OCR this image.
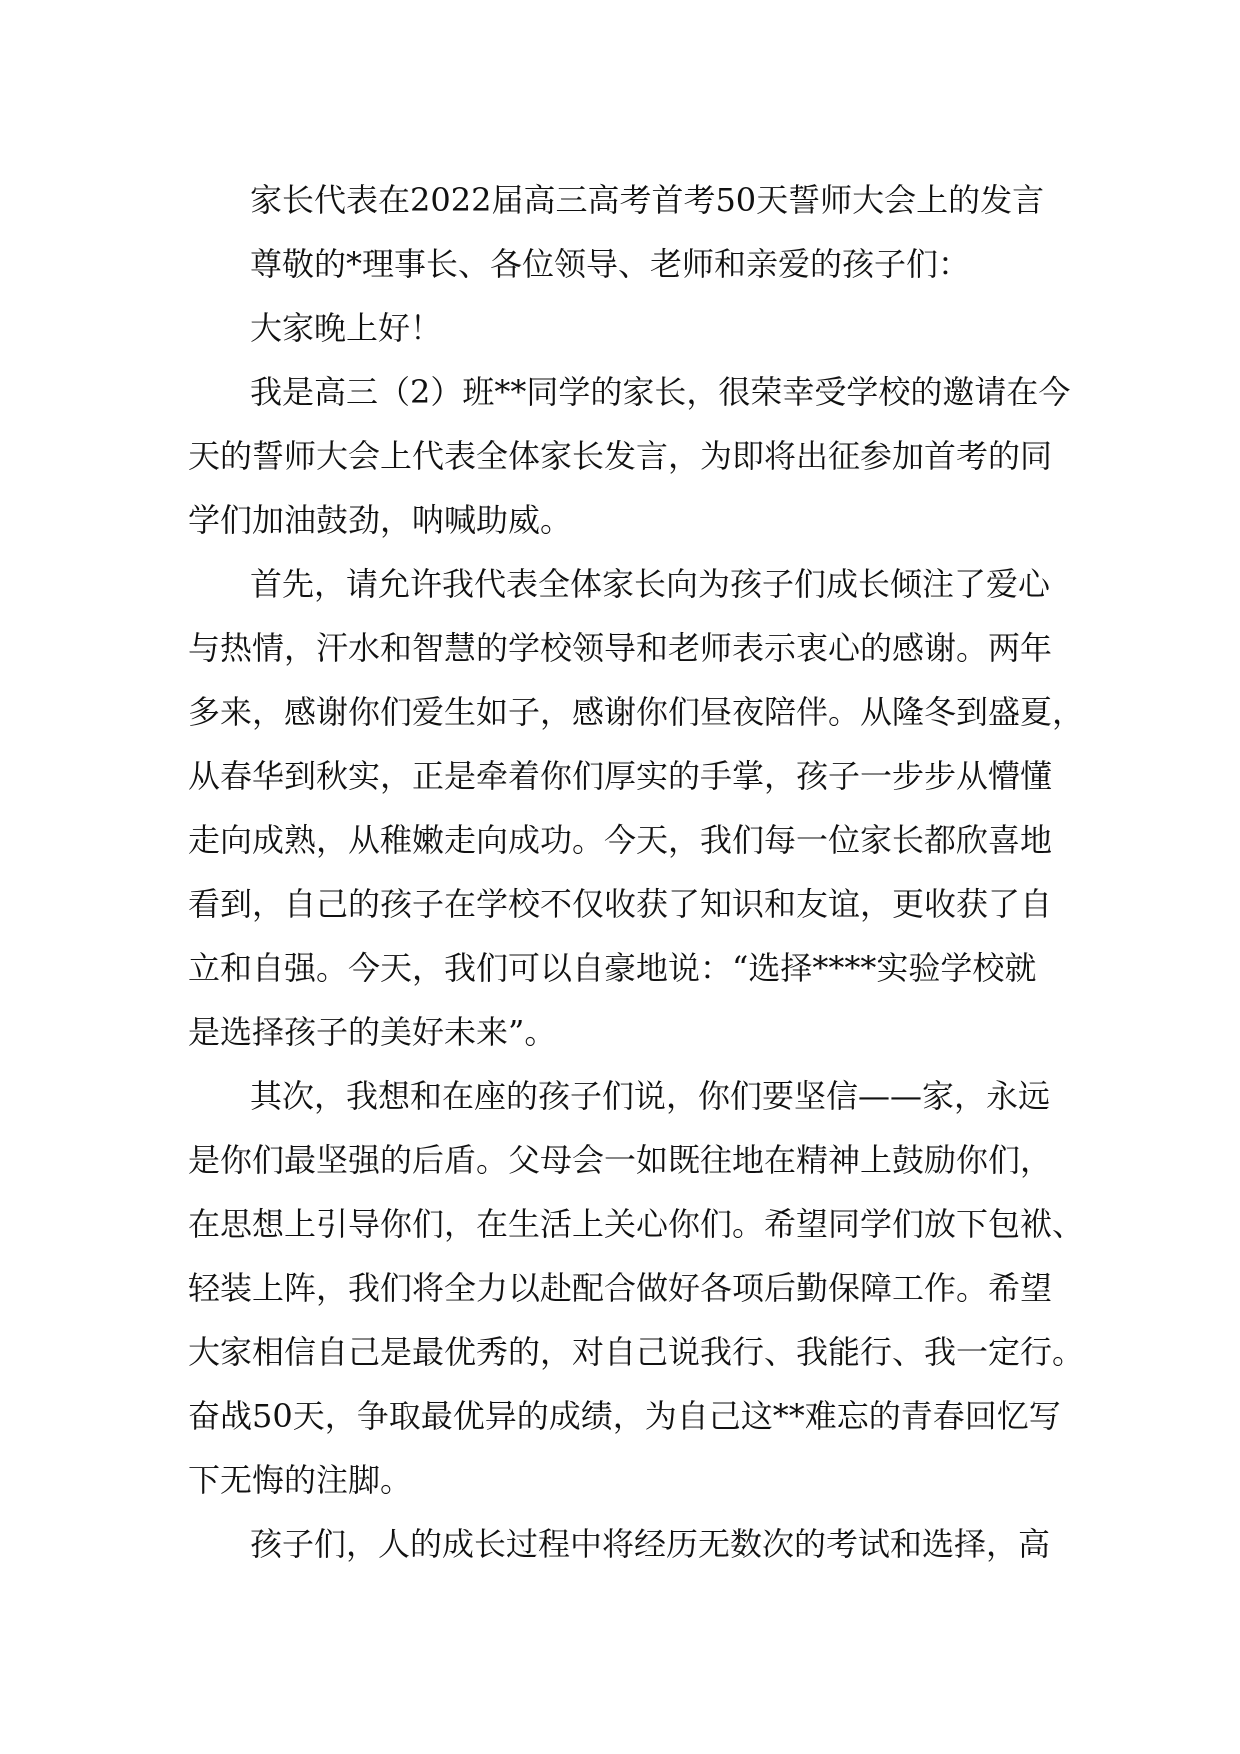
家长代表在2022届高三高考首考50天誓师大会上的发言
尊敬的*理事长、各位领导、老师和亲爱的孩子们：
大家晚上好！
我是高三（2）班**同学的家长，很荣幸受学校的邀请在今
天的誓师大会上代表全体家长发言，为即将出征参加首考的同
学们加油鼓劲，呐喊助威。
首先，请允许我代表全体家长向为孩子们成长倾注了爱心
与热情，汗水和智慧的学校领导和老师表示衷心的感谢。两年
多来，感谢你们爱生如子，感谢你们昼夜陪伴。从隆冬到盛夏，
从春华到秋实，正是牵着你们厚实的手掌，孩子一步步从懵懂
走向成熟，从稚嫩走向成功。今天，我们每一位家长都欣喜地
看到，自己的孩子在学校不仅收获了知识和友谊，更收获了自
立和自强。今天，我们可以自豪地说：“选择****实验学校就
是选择孩子的美好未来”。
其次，我想和在座的孩子们说，你们要坚信——家，永远
是你们最坚强的后盾。父母会一如既往地在精神上鼓励你们，
在思想上引导你们，在生活上关心你们。希望同学们放下包袱、
轻装上阵，我们将全力以赴配合做好各项后勤保障工作。希望
大家相信自己是最优秀的，对自己说我行、我能行、我一定行。
奋战50天，争取最优异的成绩，为自己这**难忘的青春回忆写
下无悔的注脚。
孩子们，人的成长过程中将经历无数次的考试和选择，高
